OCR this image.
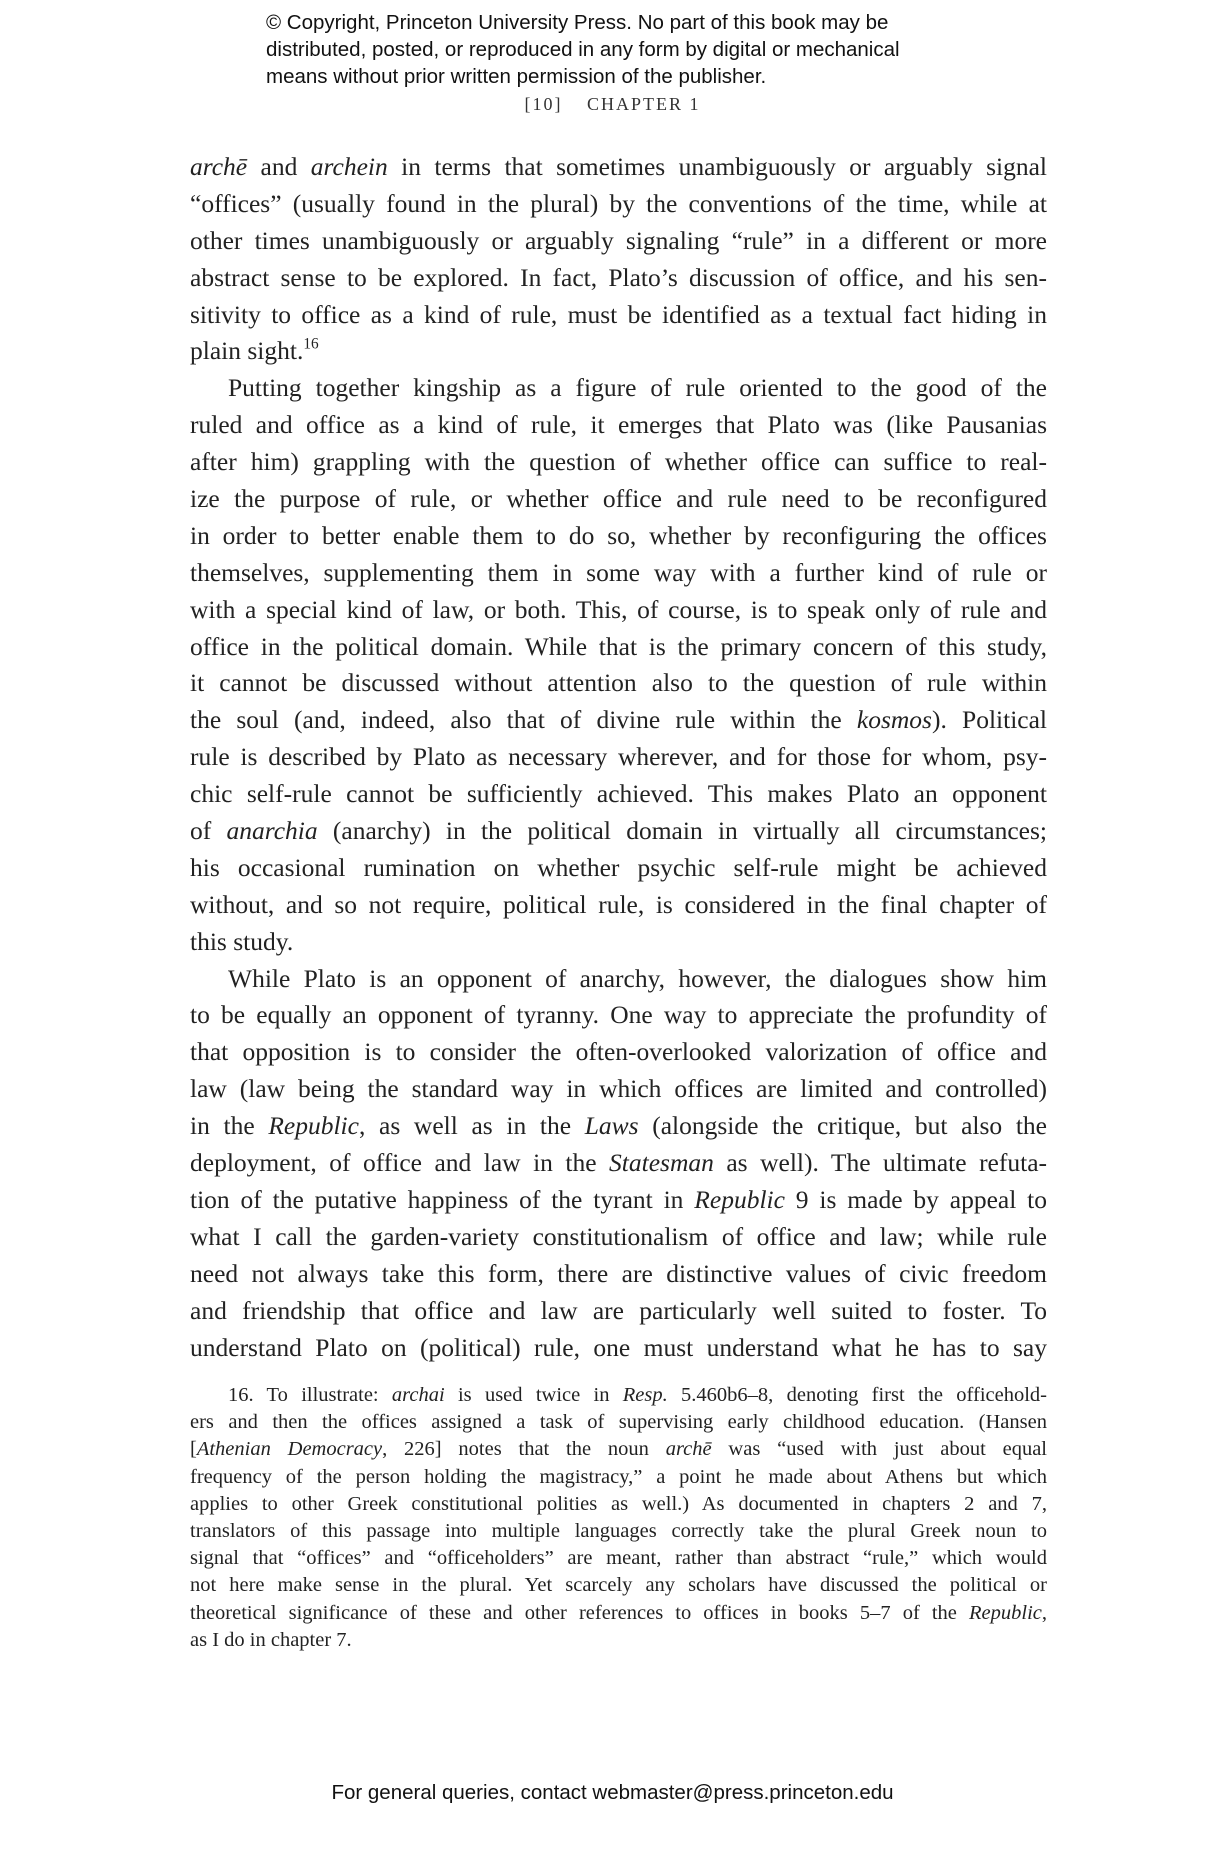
© Copyright, Princeton University Press. No part of this book may be
distributed, posted, or reproduced in any form by digital or mechanical
means without prior written permission of the publisher.
[10] CHAPTER 1
archē and archein in terms that sometimes unambiguously or arguably signal
“offices” (usually found in the plural) by the conventions of the time, while at
other times unambiguously or arguably signaling “rule” in a different or more
abstract sense to be explored. In fact, Plato’s discussion of office, and his sen-
sitivity to office as a kind of rule, must be identified as a textual fact hiding in
plain sight.$^{16}$
Putting together kingship as a figure of rule oriented to the good of the
ruled and office as a kind of rule, it emerges that Plato was (like Pausanias
after him) grappling with the question of whether office can suffice to real-
ize the purpose of rule, or whether office and rule need to be reconfigured
in order to better enable them to do so, whether by reconfiguring the offices
themselves, supplementing them in some way with a further kind of rule or
with a special kind of law, or both. This, of course, is to speak only of rule and
office in the political domain. While that is the primary concern of this study,
it cannot be discussed without attention also to the question of rule within
the soul (and, indeed, also that of divine rule within the kosmos). Political
rule is described by Plato as necessary wherever, and for those for whom, psy-
chic self-rule cannot be sufficiently achieved. This makes Plato an opponent
of anarchia (anarchy) in the political domain in virtually all circumstances;
his occasional rumination on whether psychic self-rule might be achieved
without, and so not require, political rule, is considered in the final chapter of
this study.
While Plato is an opponent of anarchy, however, the dialogues show him
to be equally an opponent of tyranny. One way to appreciate the profundity of
that opposition is to consider the often-overlooked valorization of office and
law (law being the standard way in which offices are limited and controlled)
in the Republic, as well as in the Laws (alongside the critique, but also the
deployment, of office and law in the Statesman as well). The ultimate refuta-
tion of the putative happiness of the tyrant in Republic 9 is made by appeal to
what I call the garden-variety constitutionalism of office and law; while rule
need not always take this form, there are distinctive values of civic freedom
and friendship that office and law are particularly well suited to foster. To
understand Plato on (political) rule, one must understand what he has to say
16. To illustrate: archai is used twice in Resp. 5.460b6–8, denoting first the officehold-
ers and then the offices assigned a task of supervising early childhood education. (Hansen
[Athenian Democracy, 226] notes that the noun archē was “used with just about equal
frequency of the person holding the magistracy,” a point he made about Athens but which
applies to other Greek constitutional polities as well.) As documented in chapters 2 and 7,
translators of this passage into multiple languages correctly take the plural Greek noun to
signal that “offices” and “officeholders” are meant, rather than abstract “rule,” which would
not here make sense in the plural. Yet scarcely any scholars have discussed the political or
theoretical significance of these and other references to offices in books 5–7 of the Republic,
as I do in chapter 7.
For general queries, contact webmaster@press.princeton.edu
